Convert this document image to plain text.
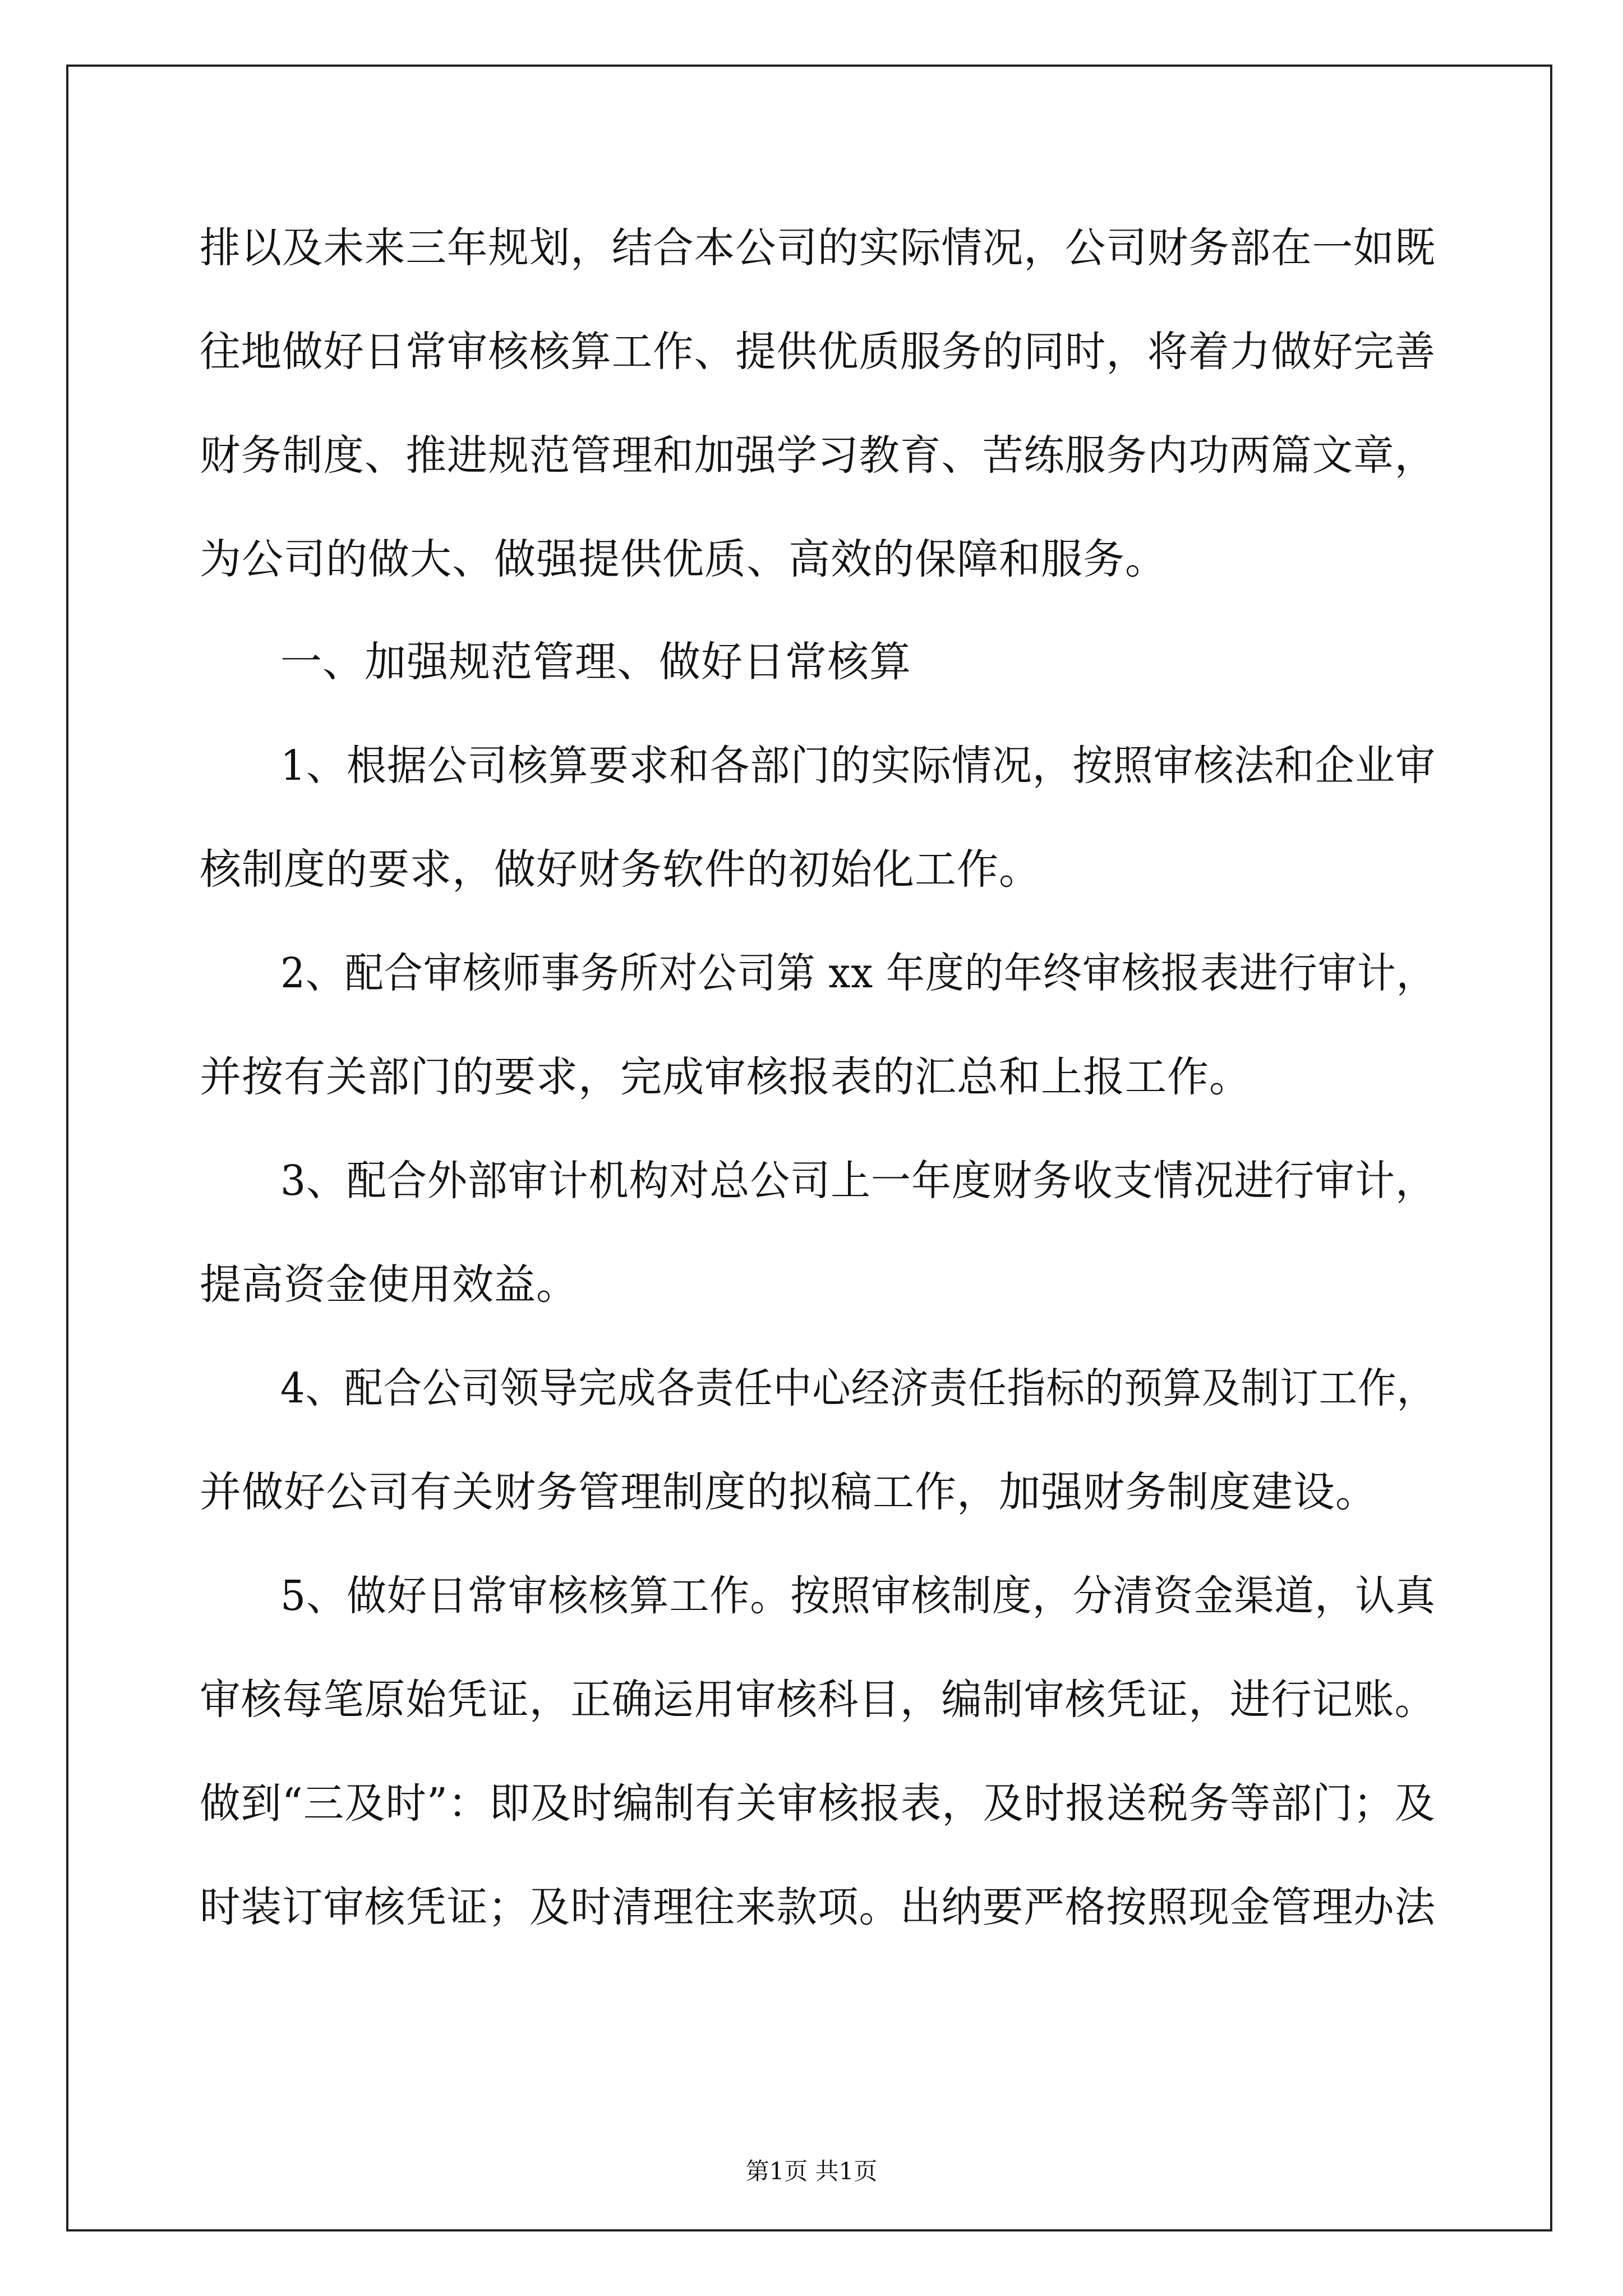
排以及未来三年规划，结合本公司的实际情况，公司财务部在一如既
往地做好日常审核核算工作、提供优质服务的同时，将着力做好完善
财务制度、推进规范管理和加强学习教育、苦练服务内功两篇文章，
为公司的做大、做强提供优质、高效的保障和服务。
一、加强规范管理、做好日常核算
1、根据公司核算要求和各部门的实际情况，按照审核法和企业审
核制度的要求，做好财务软件的初始化工作。
2、配合审核师事务所对公司第 xx 年度的年终审核报表进行审计，
并按有关部门的要求，完成审核报表的汇总和上报工作。
3、配合外部审计机构对总公司上一年度财务收支情况进行审计，
提高资金使用效益。
4、配合公司领导完成各责任中心经济责任指标的预算及制订工作，
并做好公司有关财务管理制度的拟稿工作，加强财务制度建设。
5、做好日常审核核算工作。按照审核制度，分清资金渠道，认真
审核每笔原始凭证，正确运用审核科目，编制审核凭证，进行记账。
做到“三及时”：即及时编制有关审核报表，及时报送税务等部门；及
时装订审核凭证；及时清理往来款项。出纳要严格按照现金管理办法
第1页 共1页
